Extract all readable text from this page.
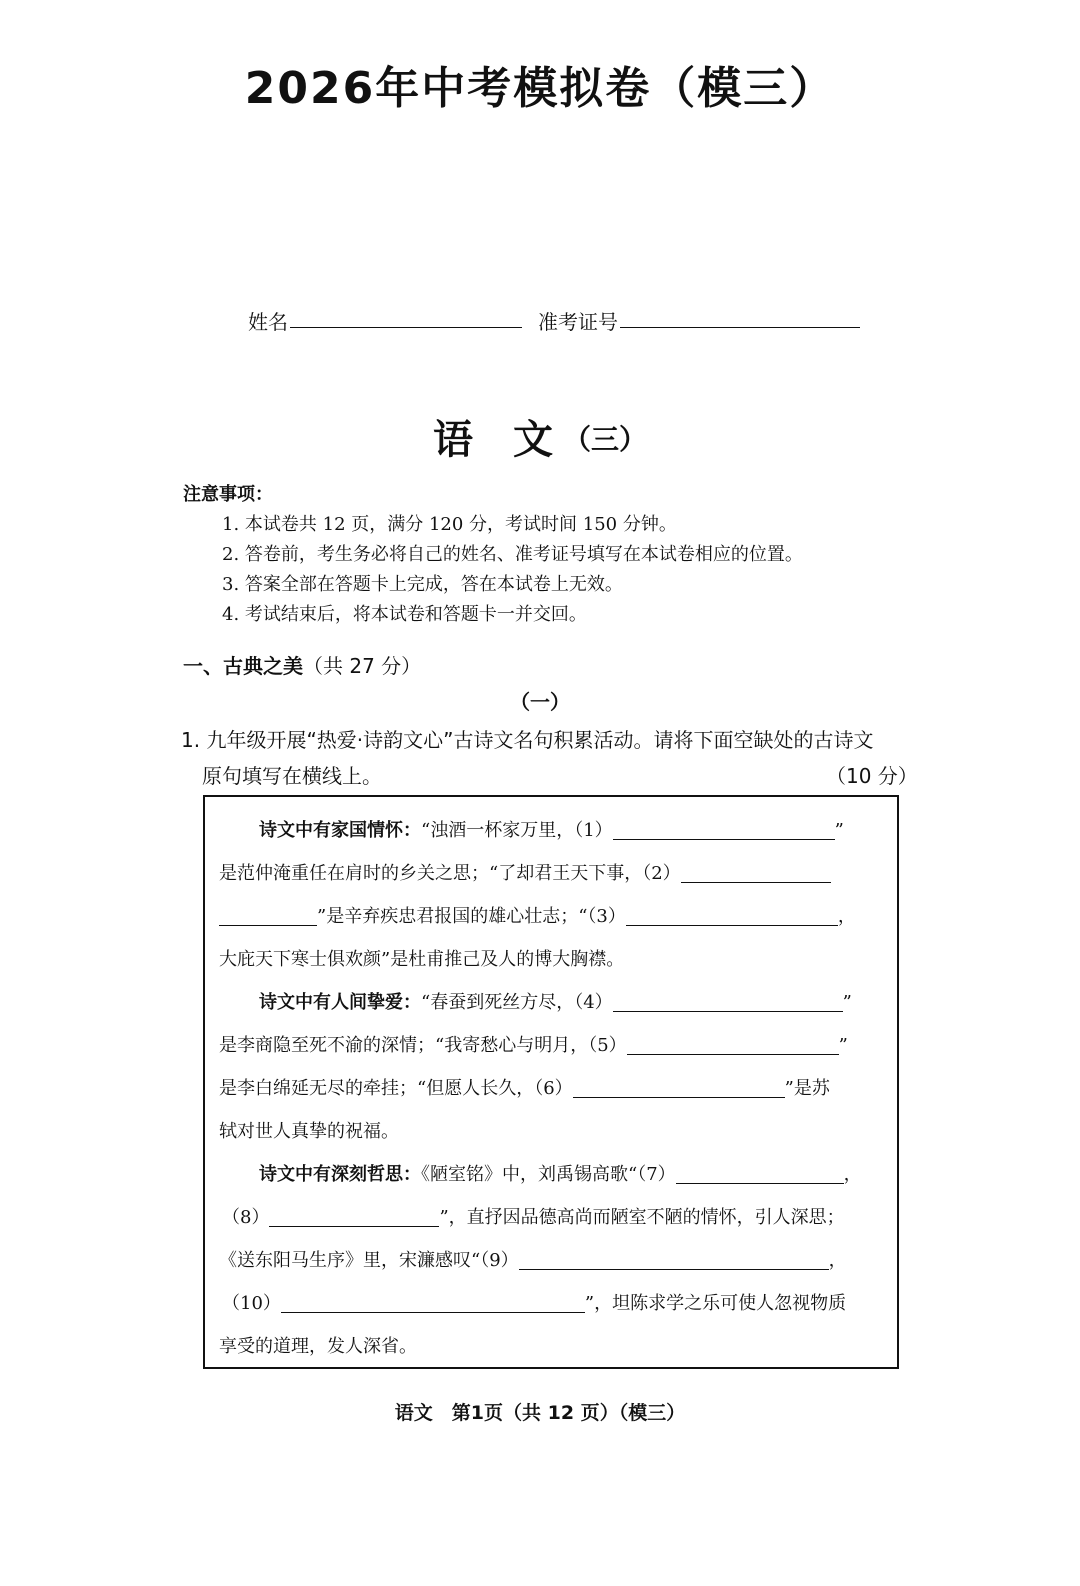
2026年中考模拟卷（模三）
姓名	准考证号
语　文 （三）
注意事项：
1. 本试卷共 12 页，满分 120 分，考试时间 150 分钟。
2. 答卷前，考生务必将自己的姓名、准考证号填写在本试卷相应的位置。
3. 答案全部在答题卡上完成，答在本试卷上无效。
4. 考试结束后，将本试卷和答题卡一并交回。
一、古典之美（共 27 分）
（一）
1. 九年级开展“热爱·诗韵文心”古诗文名句积累活动。请将下面空缺处的古诗文
原句填写在横线上。	（10 分）
诗文中有家国情怀：“浊酒一杯家万里，（1）	”
是范仲淹重任在肩时的乡关之思；“了却君王天下事，（2）
”是辛弃疾忠君报国的雄心壮志；“（3）	，
大庇天下寒士俱欢颜”是杜甫推己及人的博大胸襟。
诗文中有人间挚爱：“春蚕到死丝方尽，（4）	”
是李商隐至死不渝的深情；“我寄愁心与明月，（5）	”
是李白绵延无尽的牵挂；“但愿人长久，（6）	”是苏
轼对世人真挚的祝福。
诗文中有深刻哲思：《陋室铭》中，刘禹锡高歌“（7）	，
（8）	”，直抒因品德高尚而陋室不陋的情怀，引人深思；
《送东阳马生序》里，宋濂感叹“（9）	，
（10）	”，坦陈求学之乐可使人忽视物质
享受的道理，发人深省。
语文　第1页（共 12 页）（模三）
